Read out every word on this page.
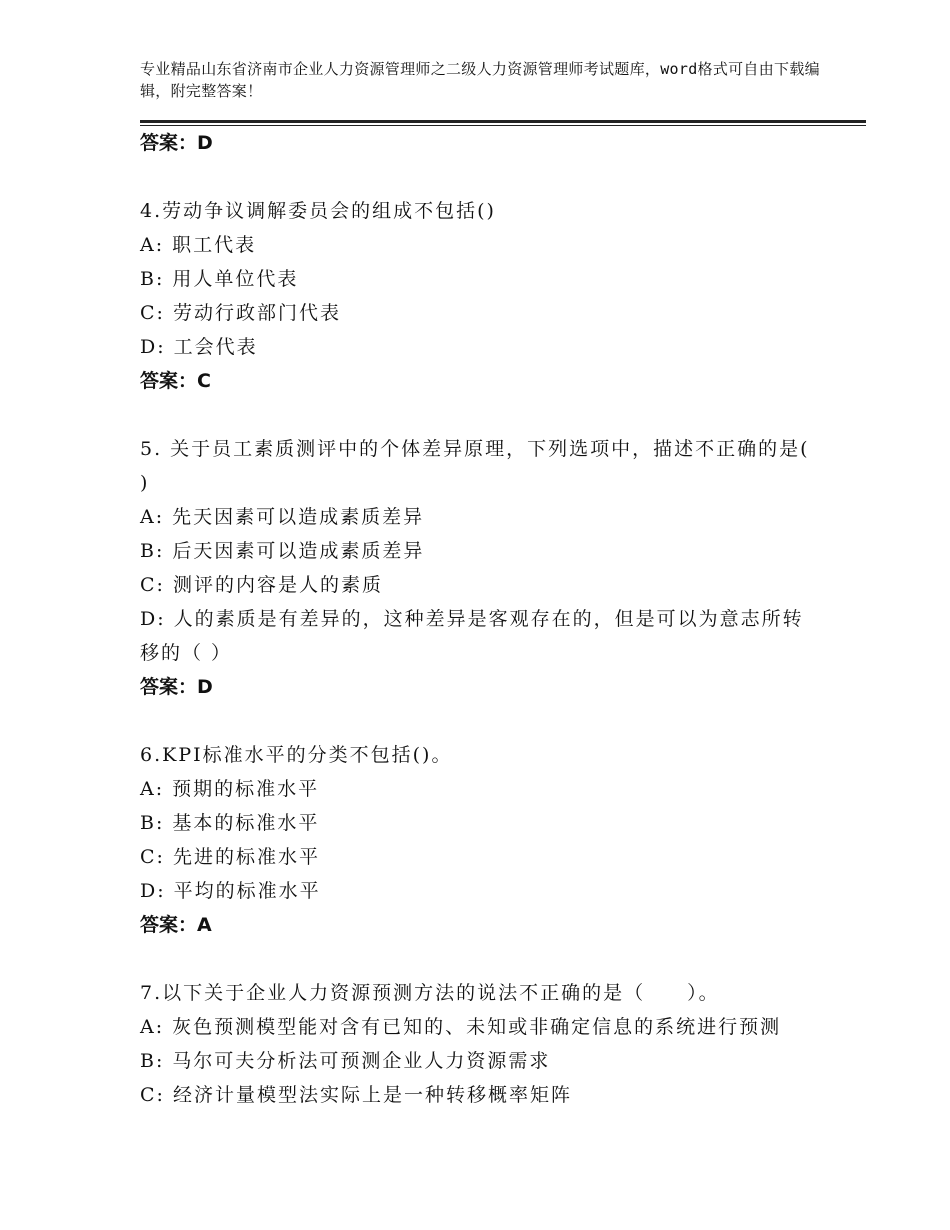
专业精品山东省济南市企业人力资源管理师之二级人力资源管理师考试题库，word格式可自由下载编辑，附完整答案！
答案：D
4.劳动争议调解委员会的组成不包括()
A: 职工代表
B: 用人单位代表
C: 劳动行政部门代表
D: 工会代表
答案：C
5. 关于员工素质测评中的个体差异原理，下列选项中，描述不正确的是( )
A: 先天因素可以造成素质差异
B: 后天因素可以造成素质差异
C: 测评的内容是人的素质
D: 人的素质是有差异的，这种差异是客观存在的，但是可以为意志所转移的（ ）
答案：D
6.KPI标准水平的分类不包括()。
A: 预期的标准水平
B: 基本的标准水平
C: 先进的标准水平
D: 平均的标准水平
答案：A
7.以下关于企业人力资源预测方法的说法不正确的是（　　）。
A: 灰色预测模型能对含有已知的、未知或非确定信息的系统进行预测
B: 马尔可夫分析法可预测企业人力资源需求
C: 经济计量模型法实际上是一种转移概率矩阵
